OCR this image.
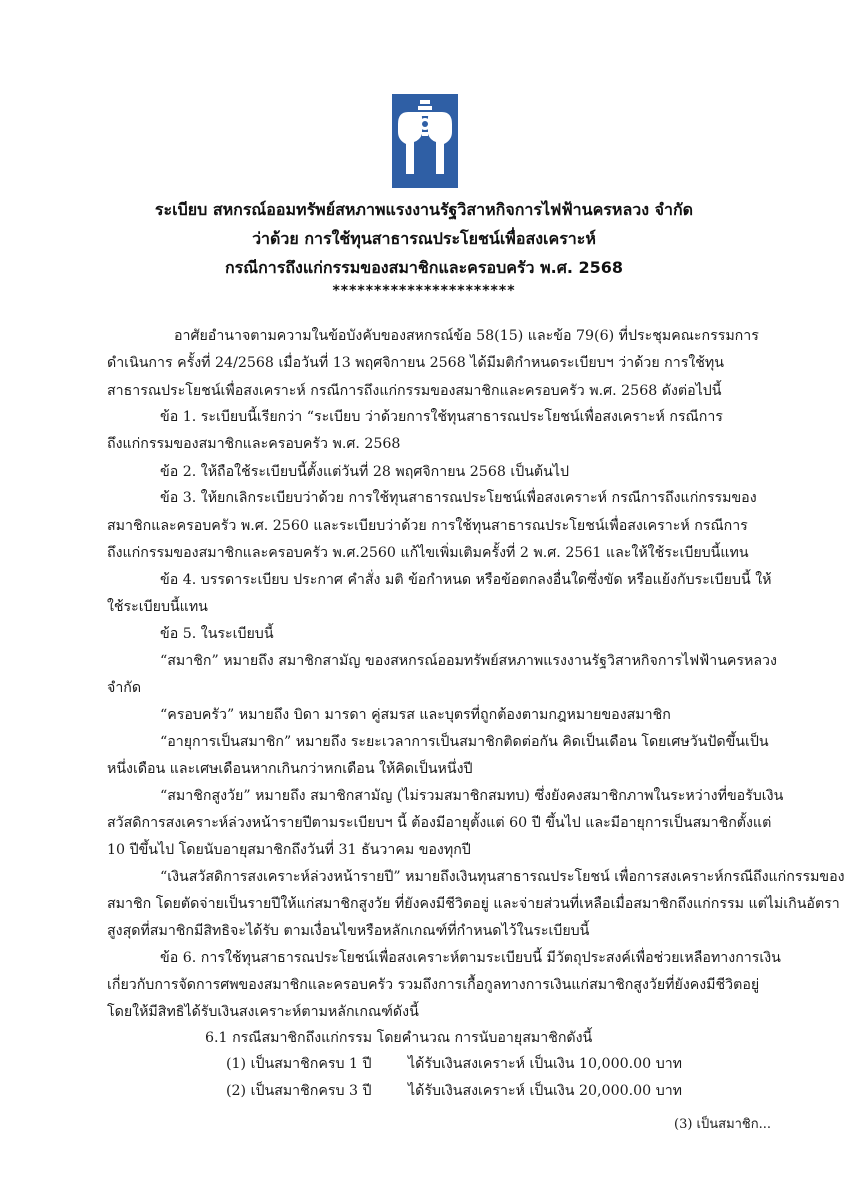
ระเบียบ สหกรณ์ออมทรัพย์สหภาพแรงงานรัฐวิสาหกิจการไฟฟ้านครหลวง จำกัด
ว่าด้วย การใช้ทุนสาธารณประโยชน์เพื่อสงเคราะห์
กรณีการถึงแก่กรรมของสมาชิกและครอบครัว พ.ศ. 2568
**********************
อาศัยอำนาจตามความในข้อบังคับของสหกรณ์ข้อ 58(15) และข้อ 79(6) ที่ประชุมคณะกรรมการ
ดำเนินการ ครั้งที่ 24/2568 เมื่อวันที่ 13 พฤศจิกายน 2568 ได้มีมติกำหนดระเบียบฯ ว่าด้วย การใช้ทุน
สาธารณประโยชน์เพื่อสงเคราะห์ กรณีการถึงแก่กรรมของสมาชิกและครอบครัว พ.ศ. 2568 ดังต่อไปนี้
ข้อ 1. ระเบียบนี้เรียกว่า “ระเบียบ ว่าด้วยการใช้ทุนสาธารณประโยชน์เพื่อสงเคราะห์ กรณีการ
ถึงแก่กรรมของสมาชิกและครอบครัว พ.ศ. 2568
ข้อ 2. ให้ถือใช้ระเบียบนี้ตั้งแต่วันที่ 28 พฤศจิกายน 2568 เป็นต้นไป
ข้อ 3. ให้ยกเลิกระเบียบว่าด้วย การใช้ทุนสาธารณประโยชน์เพื่อสงเคราะห์ กรณีการถึงแก่กรรมของ
สมาชิกและครอบครัว พ.ศ. 2560 และระเบียบว่าด้วย การใช้ทุนสาธารณประโยชน์เพื่อสงเคราะห์ กรณีการ
ถึงแก่กรรมของสมาชิกและครอบครัว พ.ศ.2560 แก้ไขเพิ่มเติมครั้งที่ 2 พ.ศ. 2561 และให้ใช้ระเบียบนี้แทน
ข้อ 4. บรรดาระเบียบ ประกาศ คำสั่ง มติ ข้อกำหนด หรือข้อตกลงอื่นใดซึ่งขัด หรือแย้งกับระเบียบนี้ ให้
ใช้ระเบียบนี้แทน
ข้อ 5. ในระเบียบนี้
“สมาชิก” หมายถึง สมาชิกสามัญ ของสหกรณ์ออมทรัพย์สหภาพแรงงานรัฐวิสาหกิจการไฟฟ้านครหลวง
จำกัด
“ครอบครัว” หมายถึง บิดา มารดา คู่สมรส และบุตรที่ถูกต้องตามกฎหมายของสมาชิก
“อายุการเป็นสมาชิก” หมายถึง ระยะเวลาการเป็นสมาชิกติดต่อกัน คิดเป็นเดือน โดยเศษวันปัดขึ้นเป็น
หนึ่งเดือน และเศษเดือนหากเกินกว่าหกเดือน ให้คิดเป็นหนึ่งปี
“สมาชิกสูงวัย” หมายถึง สมาชิกสามัญ (ไม่รวมสมาชิกสมทบ) ซึ่งยังคงสมาชิกภาพในระหว่างที่ขอรับเงิน
สวัสดิการสงเคราะห์ล่วงหน้ารายปีตามระเบียบฯ นี้ ต้องมีอายุตั้งแต่ 60 ปี ขึ้นไป และมีอายุการเป็นสมาชิกตั้งแต่
10 ปีขึ้นไป โดยนับอายุสมาชิกถึงวันที่ 31 ธันวาคม ของทุกปี
“เงินสวัสดิการสงเคราะห์ล่วงหน้ารายปี” หมายถึงเงินทุนสาธารณประโยชน์ เพื่อการสงเคราะห์กรณีถึงแก่กรรมของ
สมาชิก โดยตัดจ่ายเป็นรายปีให้แก่สมาชิกสูงวัย ที่ยังคงมีชีวิตอยู่ และจ่ายส่วนที่เหลือเมื่อสมาชิกถึงแก่กรรม แต่ไม่เกินอัตรา
สูงสุดที่สมาชิกมีสิทธิจะได้รับ ตามเงื่อนไขหรือหลักเกณฑ์ที่กำหนดไว้ในระเบียบนี้
ข้อ 6. การใช้ทุนสาธารณประโยชน์เพื่อสงเคราะห์ตามระเบียบนี้ มีวัตถุประสงค์เพื่อช่วยเหลือทางการเงิน
เกี่ยวกับการจัดการศพของสมาชิกและครอบครัว รวมถึงการเกื้อกูลทางการเงินแก่สมาชิกสูงวัยที่ยังคงมีชีวิตอยู่
โดยให้มีสิทธิได้รับเงินสงเคราะห์ตามหลักเกณฑ์ดังนี้
6.1 กรณีสมาชิกถึงแก่กรรม โดยคำนวณ การนับอายุสมาชิกดังนี้
(1) เป็นสมาชิกครบ 1 ปี	ได้รับเงินสงเคราะห์ เป็นเงิน 10,000.00 บาท
(2) เป็นสมาชิกครบ 3 ปี	ได้รับเงินสงเคราะห์ เป็นเงิน 20,000.00 บาท
(3) เป็นสมาชิก...
